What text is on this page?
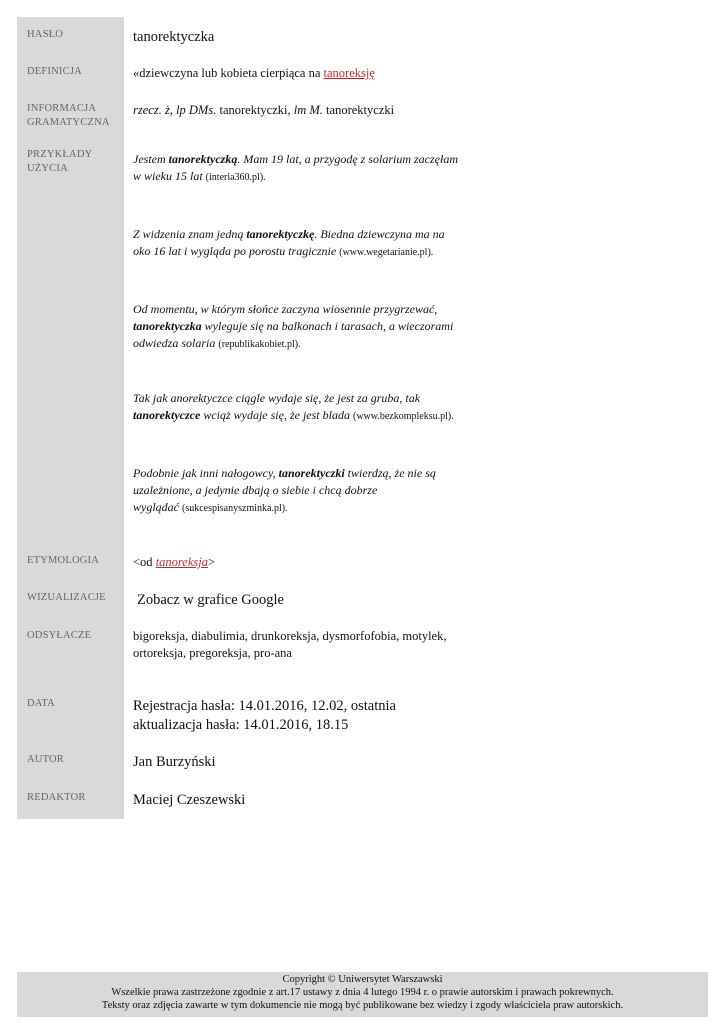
HASŁO
DEFINICJA
INFORMACJA
GRAMATYCZNA
PRZYKŁADY
UŻYCIA
ETYMOLOGIA
WIZUALIZACJE
ODSYŁACZE
DATA
AUTOR
REDAKTOR
tanorektyczka
«dziewczyna lub kobieta cierpiąca na tanoreksję
rzecz. ż, lp DMs. tanorektyczki, lm M. tanorektyczki
Jestem tanorektyczką. Mam 19 lat, a przygodę z solarium zaczęłam
w wieku 15 lat (interia360.pl).
Z widzenia znam jedną tanorektyczkę. Biedna dziewczyna ma na
oko 16 lat i wygląda po porostu tragicznie (www.wegetarianie.pl).
Od momentu, w którym słońce zaczyna wiosennie przygrzewać,
tanorektyczka wyleguje się na balkonach i tarasach, a wieczorami
odwiedza solaria (republikakobiet.pl).
Tak jak anorektyczce ciągle wydaje się, że jest za gruba, tak
tanorektyczce wciąż wydaje się, że jest blada (www.bezkompleksu.pl).
Podobnie jak inni nałogowcy, tanorektyczki twierdzą, że nie są
uzależnione, a jedynie dbają o siebie i chcą dobrze
wyglądać (sukcespisanyszminka.pl).
<od tanoreksja>
Zobacz w grafice Google
bigoreksja, diabulimia, drunkoreksja, dysmorfofobia, motylek,
ortoreksja, pregoreksja, pro-ana
Rejestracja hasła: 14.01.2016, 12.02, ostatnia
aktualizacja hasła: 14.01.2016, 18.15
Jan Burzyński
Maciej Czeszewski
Copyright © Uniwersytet Warszawski
Wszelkie prawa zastrzeżone zgodnie z art.17 ustawy z dnia 4 lutego 1994 r. o prawie autorskim i prawach pokrewnych.
Teksty oraz zdjęcia zawarte w tym dokumencie nie mogą być publikowane bez wiedzy i zgody właściciela praw autorskich.
